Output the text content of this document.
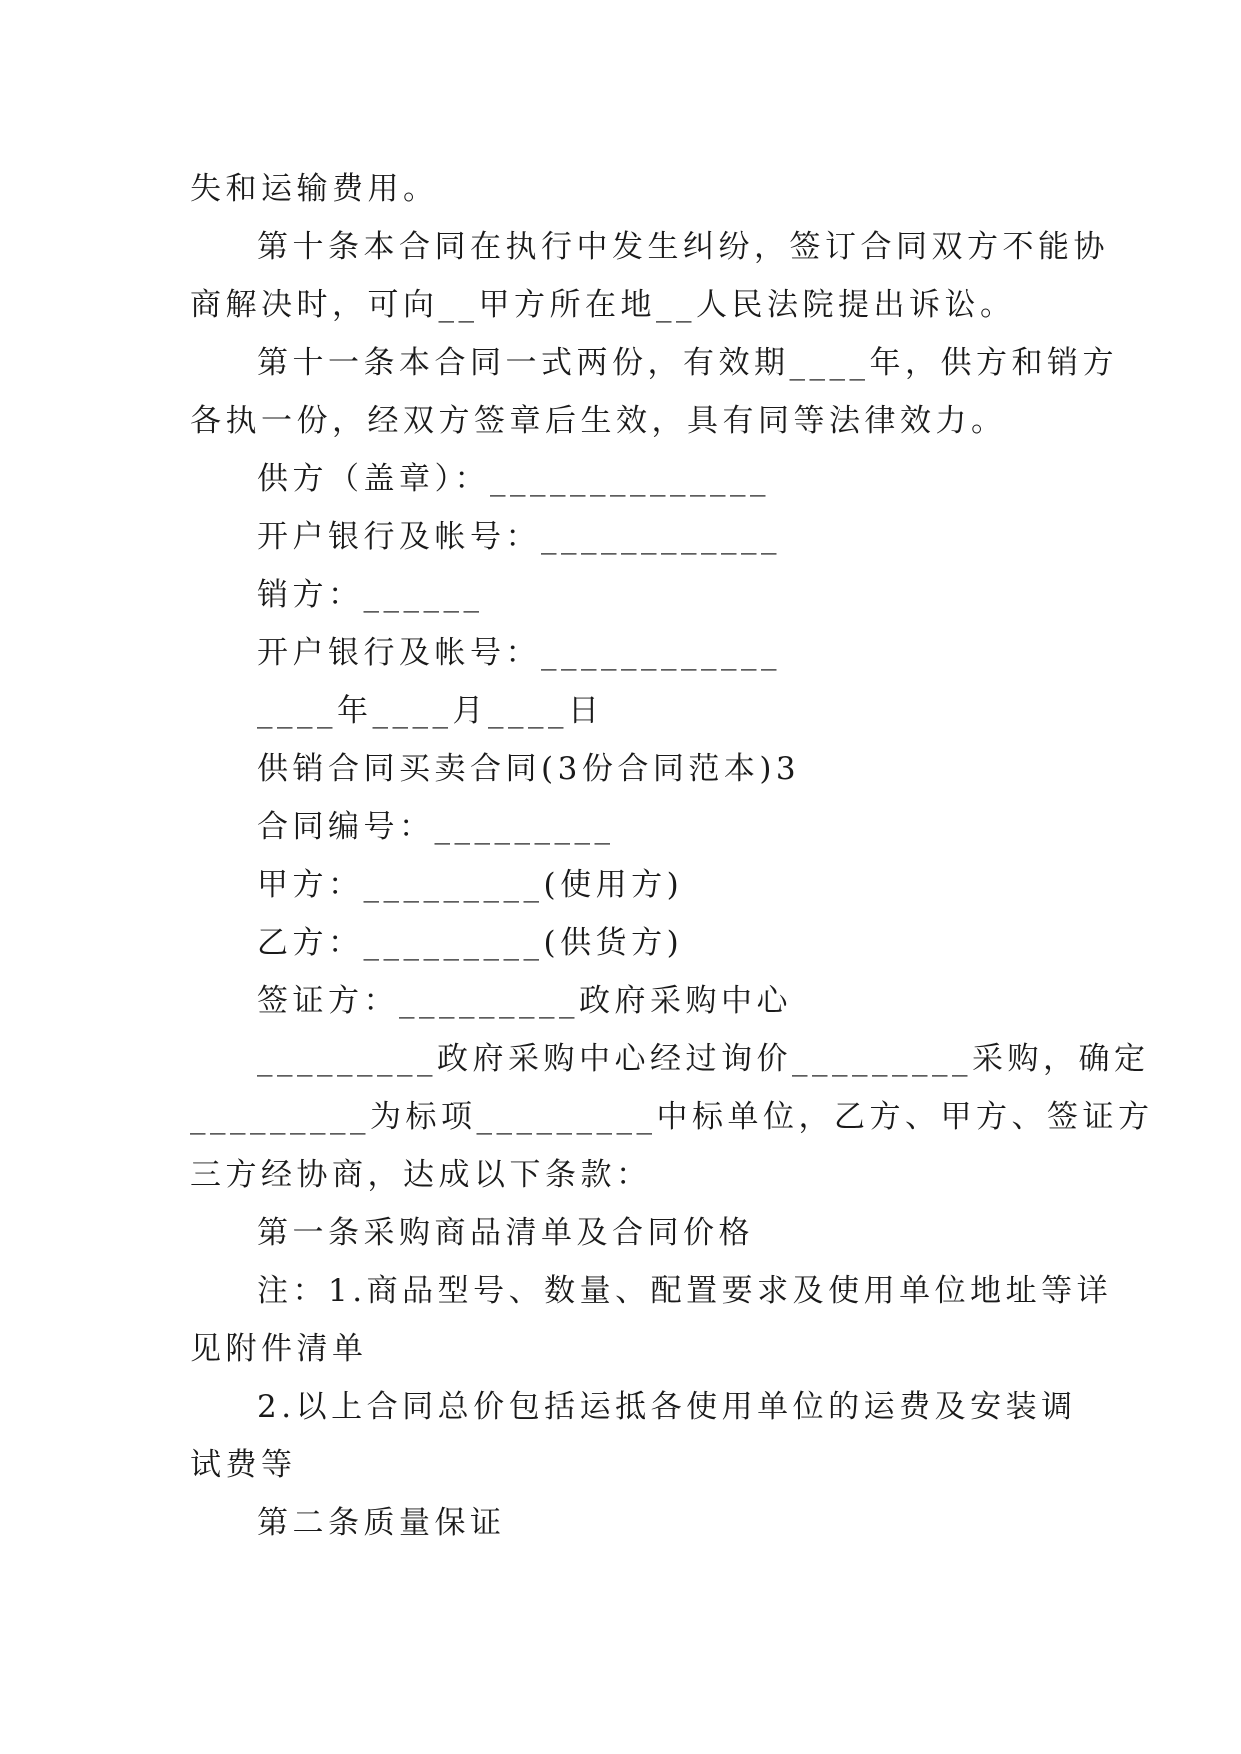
失和运输费用。
第十条本合同在执行中发生纠纷，签订合同双方不能协
商解决时，可向__甲方所在地__人民法院提出诉讼。
第十一条本合同一式两份，有效期____年，供方和销方
各执一份，经双方签章后生效，具有同等法律效力。
供方（盖章）：______________
开户银行及帐号：____________
销方：______
开户银行及帐号：____________
____年____月____日
供销合同买卖合同(3份合同范本)3
合同编号：_________
甲方：_________(使用方)
乙方：_________(供货方)
签证方：_________政府采购中心
_________政府采购中心经过询价_________采购，确定
_________为标项_________中标单位，乙方、甲方、签证方
三方经协商，达成以下条款：
第一条采购商品清单及合同价格
注：1.商品型号、数量、配置要求及使用单位地址等详
见附件清单
2.以上合同总价包括运抵各使用单位的运费及安装调
试费等
第二条质量保证
